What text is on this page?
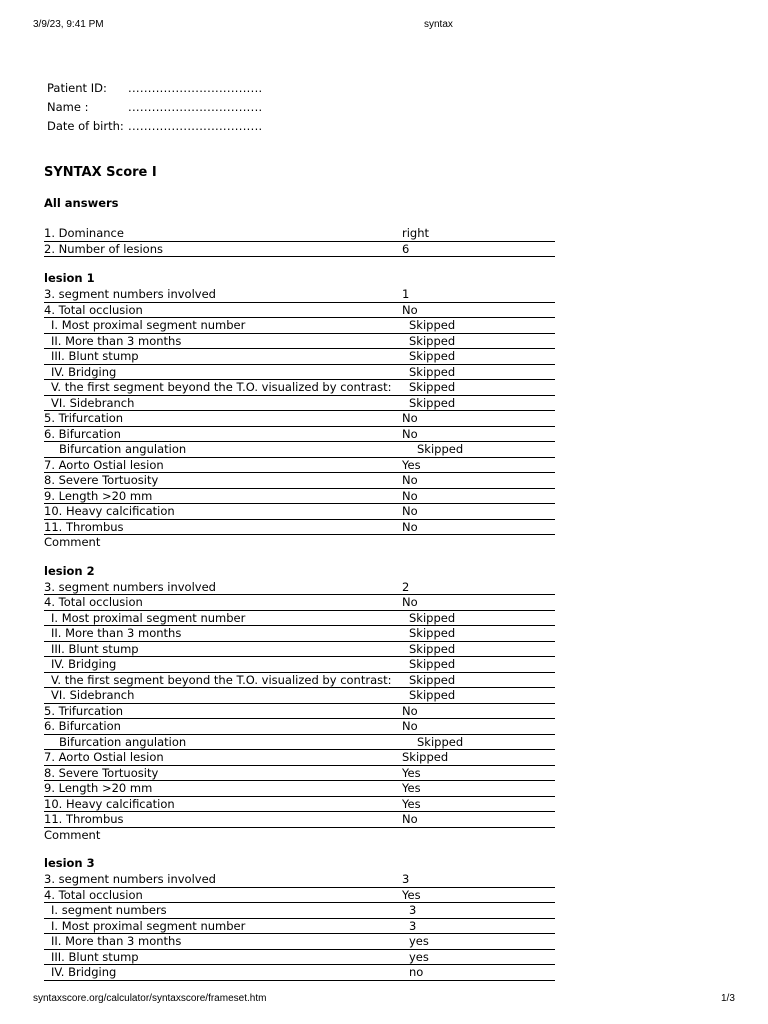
3/9/23, 9:41 PM	syntax
Patient ID:	..................................
Name :	..................................
Date of birth: ..................................
SYNTAX Score I
All answers
1. Dominance	right
2. Number of lesions	6
lesion 1
3. segment numbers involved	1
4. Total occlusion	No
I. Most proximal segment number	Skipped
II. More than 3 months	Skipped
III. Blunt stump	Skipped
IV. Bridging	Skipped
V. the first segment beyond the T.O. visualized by contrast:	Skipped
VI. Sidebranch	Skipped
5. Trifurcation	No
6. Bifurcation	No
Bifurcation angulation	Skipped
7. Aorto Ostial lesion	Yes
8. Severe Tortuosity	No
9. Length >20 mm	No
10. Heavy calcification	No
11. Thrombus	No
Comment
lesion 2
3. segment numbers involved	2
4. Total occlusion	No
I. Most proximal segment number	Skipped
II. More than 3 months	Skipped
III. Blunt stump	Skipped
IV. Bridging	Skipped
V. the first segment beyond the T.O. visualized by contrast:	Skipped
VI. Sidebranch	Skipped
5. Trifurcation	No
6. Bifurcation	No
Bifurcation angulation	Skipped
7. Aorto Ostial lesion	Skipped
8. Severe Tortuosity	Yes
9. Length >20 mm	Yes
10. Heavy calcification	Yes
11. Thrombus	No
Comment
lesion 3
3. segment numbers involved	3
4. Total occlusion	Yes
I. segment numbers	3
I. Most proximal segment number	3
II. More than 3 months	yes
III. Blunt stump	yes
IV. Bridging	no
syntaxscore.org/calculator/syntaxscore/frameset.htm	1/3
